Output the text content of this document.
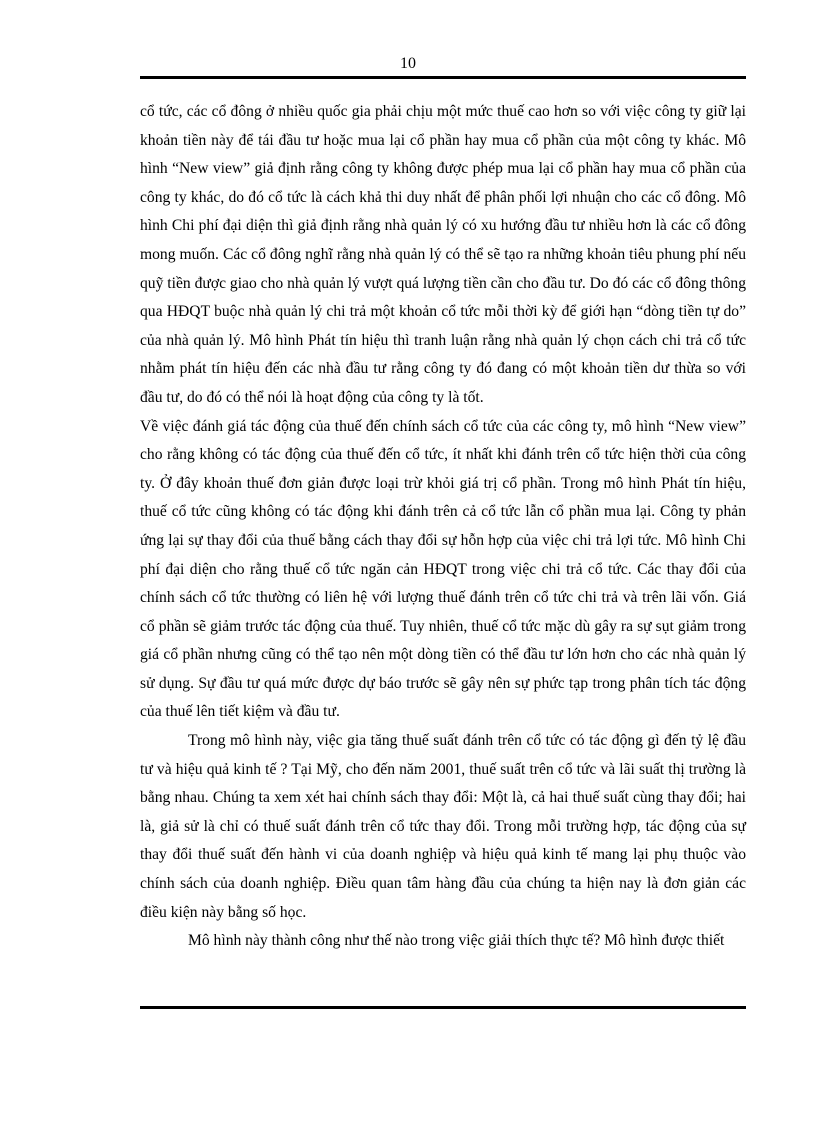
10

cổ tức, các cổ đông ở nhiều quốc gia phải chịu một mức thuế cao hơn so với việc công ty giữ lại khoản tiền này để tái đầu tư hoặc mua lại cổ phần hay mua cổ phần của một công ty khác. Mô hình “New view” giả định rằng công ty không được phép mua lại cổ phần hay mua cổ phần của công ty khác, do đó cổ tức là cách khả thi duy nhất để phân phối lợi nhuận cho các cổ đông. Mô hình Chi phí đại diện thì giả định rằng nhà quản lý có xu hướng đầu tư nhiều hơn là các cổ đông mong muốn. Các cổ đông nghĩ rằng nhà quản lý có thể sẽ tạo ra những khoản tiêu phung phí nếu quỹ tiền được giao cho nhà quản lý vượt quá lượng tiền cần cho đầu tư. Do đó các cổ đông thông qua HĐQT buộc nhà quản lý chi trả một khoản cổ tức mỗi thời kỳ để giới hạn “dòng tiền tự do” của nhà quản lý. Mô hình Phát tín hiệu thì tranh luận rằng nhà quản lý chọn cách chi trả cổ tức nhằm phát tín hiệu đến các nhà đầu tư rằng công ty đó đang có một khoản tiền dư thừa so với đầu tư, do đó có thể nói là hoạt động của công ty là tốt.

Về việc đánh giá tác động của thuế đến chính sách cổ tức của các công ty, mô hình “New view” cho rằng không có tác động của thuế đến cổ tức, ít nhất khi đánh trên cổ tức hiện thời của công ty. Ở đây khoản thuế đơn giản được loại trừ khỏi giá trị cổ phần. Trong mô hình Phát tín hiệu, thuế cổ tức cũng không có tác động khi đánh trên cả cổ tức lẫn cổ phần mua lại. Công ty phản ứng lại sự thay đổi của thuế bằng cách thay đổi sự hỗn hợp của việc chi trả lợi tức. Mô hình Chi phí đại diện cho rằng thuế cổ tức ngăn cản HĐQT trong việc chi trả cổ tức. Các thay đổi của chính sách cổ tức thường có liên hệ với lượng thuế đánh trên cổ tức chi trả và trên lãi vốn. Giá cổ phần sẽ giảm trước tác động của thuế. Tuy nhiên, thuế cổ tức mặc dù gây ra sự sụt giảm trong giá cổ phần nhưng cũng có thể tạo nên một dòng tiền có thể đầu tư lớn hơn cho các nhà quản lý sử dụng. Sự đầu tư quá mức được dự báo trước sẽ gây nên sự phức tạp trong phân tích tác động của thuế lên tiết kiệm và đầu tư.

Trong mô hình này, việc gia tăng thuế suất đánh trên cổ tức có tác động gì đến tỷ lệ đầu tư và hiệu quả kinh tế ? Tại Mỹ, cho đến năm 2001, thuế suất trên cổ tức và lãi suất thị trường là bằng nhau. Chúng ta xem xét hai chính sách thay đổi: Một là, cả hai thuế suất cùng thay đổi; hai là, giả sử là chỉ có thuế suất đánh trên cổ tức thay đổi. Trong mỗi trường hợp, tác động của sự thay đổi thuế suất đến hành vi của doanh nghiệp và hiệu quả kinh tế mang lại phụ thuộc vào chính sách của doanh nghiệp. Điều quan tâm hàng đầu của chúng ta hiện nay là đơn giản các điều kiện này bằng số học.

Mô hình này thành công như thế nào trong việc giải thích thực tế? Mô hình được thiết
